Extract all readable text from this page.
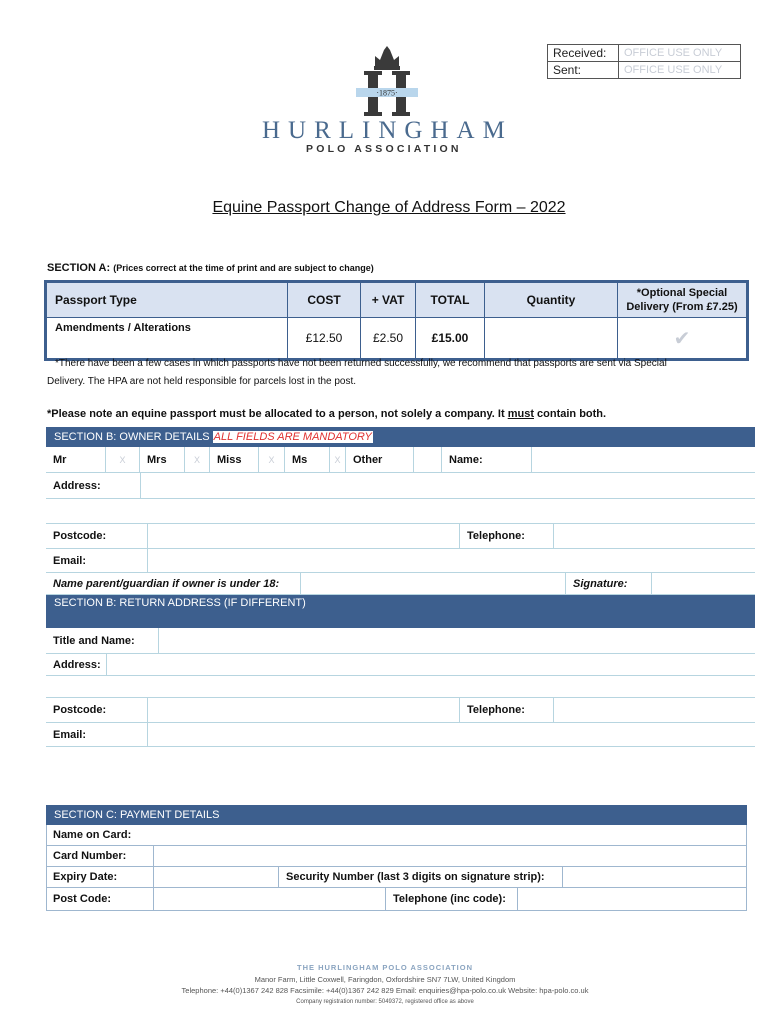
Received:	OFFICE USE ONLY
Sent:	OFFICE USE ONLY
·1875·
HURLINGHAM
POLO ASSOCIATION
Equine Passport Change of Address Form – 2022
SECTION A: (Prices correct at the time of print and are subject to change)
Passport Type	COST	+ VAT	TOTAL	Quantity	*Optional Special Delivery (From £7.25)
Amendments / Alterations	£12.50	£2.50	£15.00		✔
*There have been a few cases in which passports have not been returned successfully, we recommend that passports are sent via Special
Delivery. The HPA are not held responsible for parcels lost in the post.
*Please note an equine passport must be allocated to a person, not solely a company. It must contain both.
SECTION B: OWNER DETAILS ALL FIELDS ARE MANDATORY
Mr	X	Mrs	X	Miss	X	Ms	X	Other	Name:
Address:
Postcode:	Telephone:
Email:
Name parent/guardian if owner is under 18:	Signature:
SECTION B: RETURN ADDRESS (IF DIFFERENT)
Title and Name:
Address:
Postcode:	Telephone:
Email:
SECTION C: PAYMENT DETAILS
Name on Card:
Card Number:
Expiry Date:	Security Number (last 3 digits on signature strip):
Post Code:	Telephone (inc code):
THE HURLINGHAM POLO ASSOCIATION
Manor Farm, Little Coxwell, Faringdon, Oxfordshire SN7 7LW, United Kingdom
Telephone: +44(0)1367 242 828 Facsimile: +44(0)1367 242 829 Email: enquiries@hpa-polo.co.uk Website: hpa-polo.co.uk
Company registration number: 5049372, registered office as above
